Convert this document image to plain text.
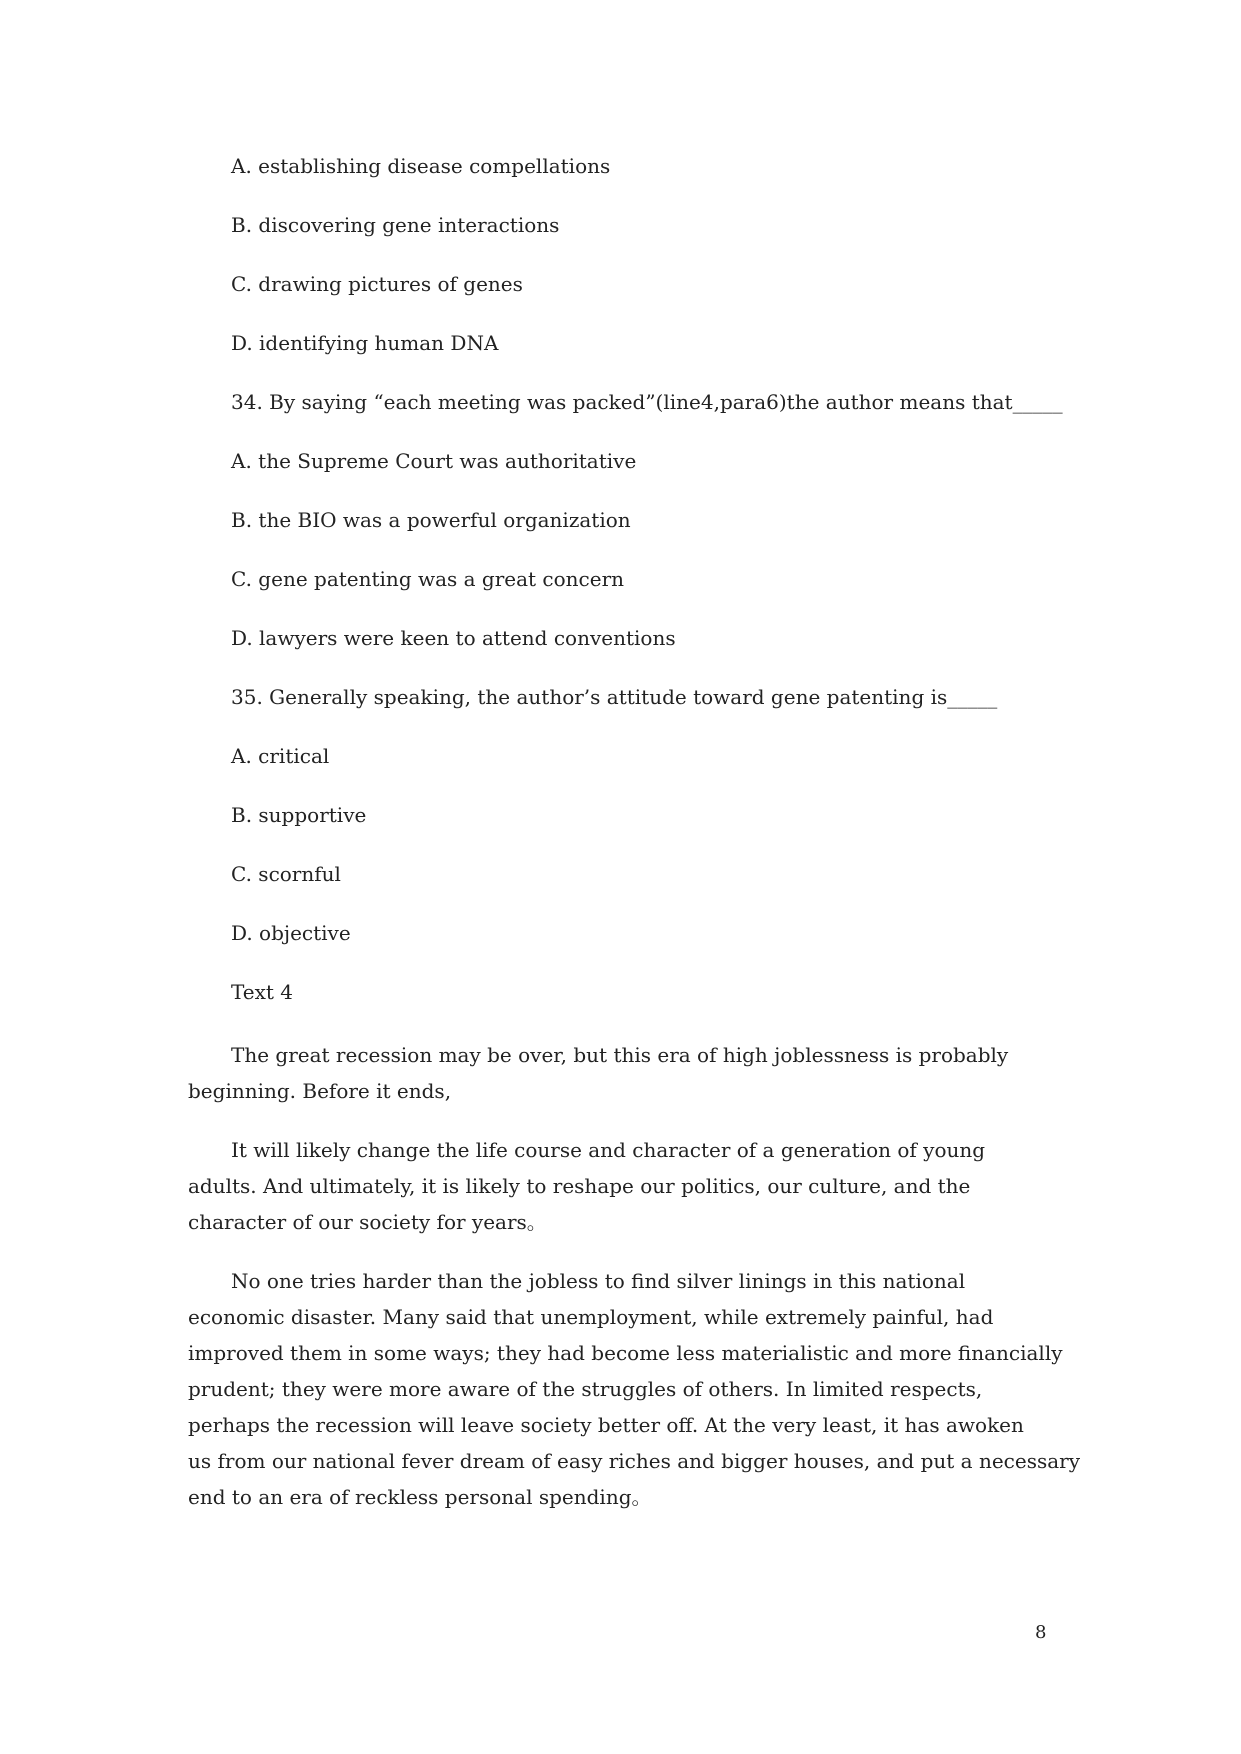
A. establishing disease compellations

B. discovering gene interactions

C. drawing pictures of genes

D. identifying human DNA

34. By saying “each meeting was packed”(line4,para6)the author means that_____

A. the Supreme Court was authoritative

B. the BIO was a powerful organization

C. gene patenting was a great concern

D. lawyers were keen to attend conventions

35. Generally speaking, the author’s attitude toward gene patenting is_____

A. critical

B. supportive

C. scornful

D. objective

Text 4

The great recession may be over, but this era of high joblessness is probably
beginning. Before it ends,
It will likely change the life course and character of a generation of young
adults. And ultimately, it is likely to reshape our politics, our culture, and the
character of our society for years。
No one tries harder than the jobless to find silver linings in this national
economic disaster. Many said that unemployment, while extremely painful, had
improved them in some ways; they had become less materialistic and more financially
prudent; they were more aware of the struggles of others. In limited respects,
perhaps the recession will leave society better off. At the very least, it has awoken
us from our national fever dream of easy riches and bigger houses, and put a necessary
end to an era of reckless personal spending。
8
